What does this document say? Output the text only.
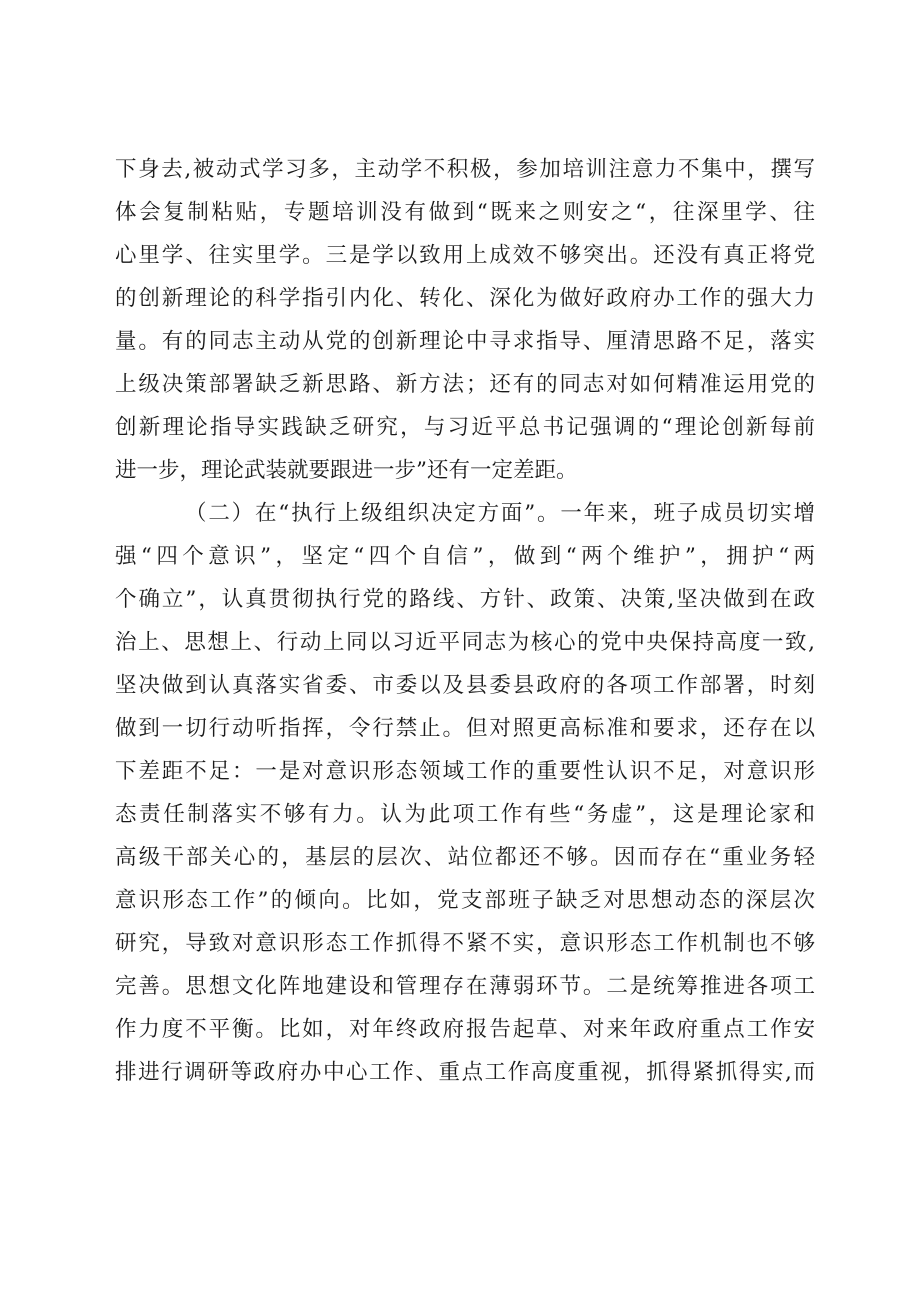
下身去,被动式学习多，主动学不积极，参加培训注意力不集中，撰写
体会复制粘贴，专题培训没有做到“既来之则安之“，往深里学、往
心里学、往实里学。三是学以致用上成效不够突出。还没有真正将党
的创新理论的科学指引内化、转化、深化为做好政府办工作的强大力
量。有的同志主动从党的创新理论中寻求指导、厘清思路不足，落实
上级决策部署缺乏新思路、新方法；还有的同志对如何精准运用党的
创新理论指导实践缺乏研究，与习近平总书记强调的“理论创新每前
进一步，理论武装就要跟进一步”还有一定差距。
（二）在“执行上级组织决定方面”。一年来，班子成员切实增
强“四个意识”，坚定“四个自信”，做到“两个维护”，拥护“两
个确立”，认真贯彻执行党的路线、方针、政策、决策,坚决做到在政
治上、思想上、行动上同以习近平同志为核心的党中央保持高度一致,
坚决做到认真落实省委、市委以及县委县政府的各项工作部署，时刻
做到一切行动听指挥，令行禁止。但对照更高标准和要求，还存在以
下差距不足：一是对意识形态领域工作的重要性认识不足，对意识形
态责任制落实不够有力。认为此项工作有些“务虚”，这是理论家和
高级干部关心的，基层的层次、站位都还不够。因而存在“重业务轻
意识形态工作”的倾向。比如，党支部班子缺乏对思想动态的深层次
研究，导致对意识形态工作抓得不紧不实，意识形态工作机制也不够
完善。思想文化阵地建设和管理存在薄弱环节。二是统筹推进各项工
作力度不平衡。比如，对年终政府报告起草、对来年政府重点工作安
排进行调研等政府办中心工作、重点工作高度重视，抓得紧抓得实,而
